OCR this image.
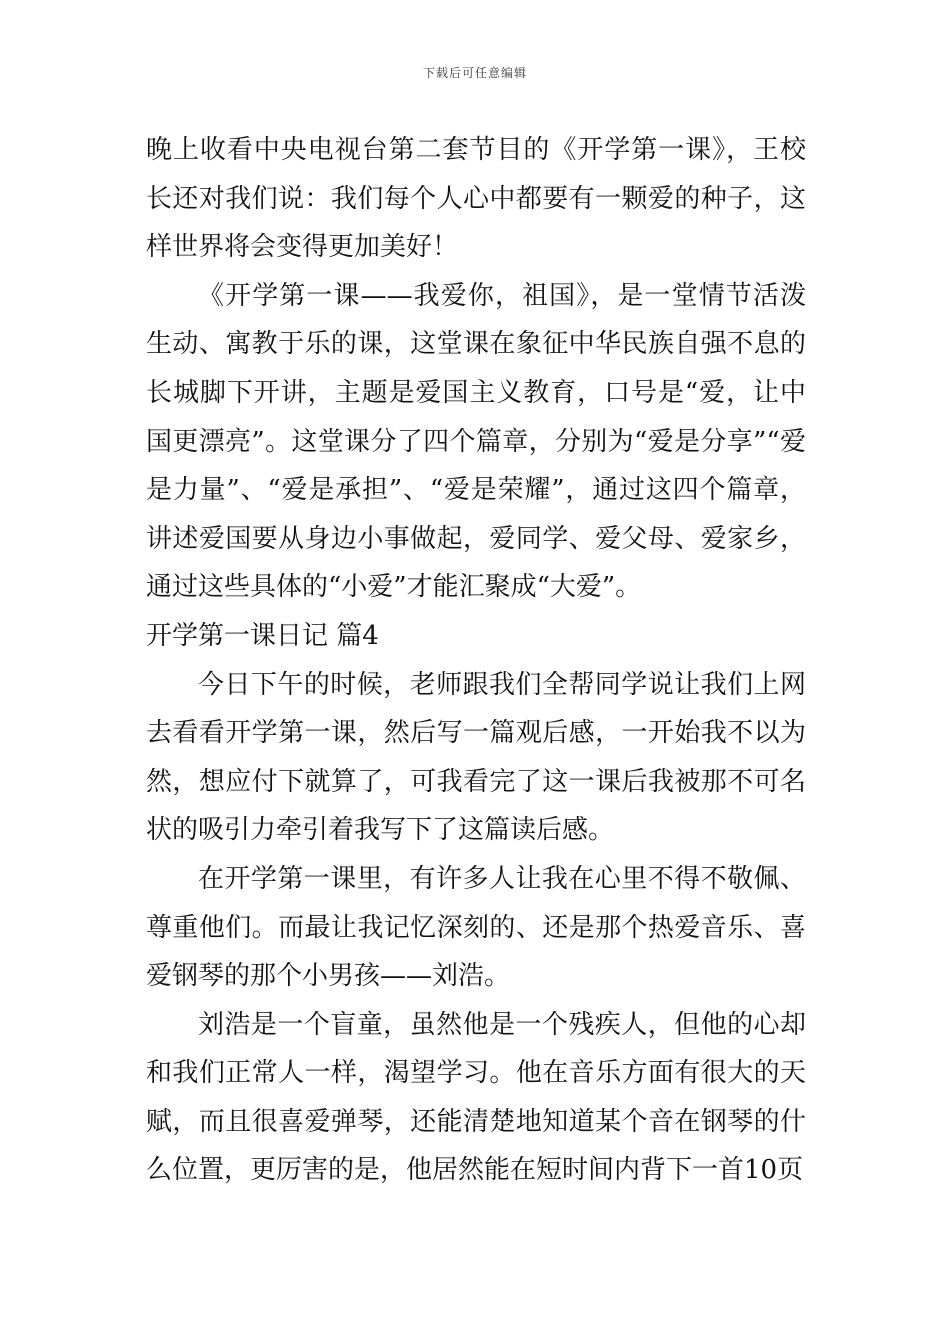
下载后可任意编辑

晚上收看中央电视台第二套节目的《开学第一课》，王校长还对我们说：我们每个人心中都要有一颗爱的种子，这样世界将会变得更加美好！

《开学第一课——我爱你，祖国》，是一堂情节活泼生动、寓教于乐的课，这堂课在象征中华民族自强不息的长城脚下开讲，主题是爱国主义教育，口号是“爱，让中国更漂亮”。这堂课分了四个篇章，分别为“爱是分享”“爱是力量”、“爱是承担”、“爱是荣耀”，通过这四个篇章，讲述爱国要从身边小事做起，爱同学、爱父母、爱家乡，通过这些具体的“小爱”才能汇聚成“大爱”。

开学第一课日记 篇4

今日下午的时候，老师跟我们全帮同学说让我们上网去看看开学第一课，然后写一篇观后感，一开始我不以为然，想应付下就算了，可我看完了这一课后我被那不可名状的吸引力牵引着我写下了这篇读后感。

在开学第一课里，有许多人让我在心里不得不敬佩、尊重他们。而最让我记忆深刻的、还是那个热爱音乐、喜爱钢琴的那个小男孩——刘浩。

刘浩是一个盲童，虽然他是一个残疾人，但他的心却和我们正常人一样，渴望学习。他在音乐方面有很大的天赋，而且很喜爱弹琴，还能清楚地知道某个音在钢琴的什么位置，更厉害的是，他居然能在短时间内背下一首10页
